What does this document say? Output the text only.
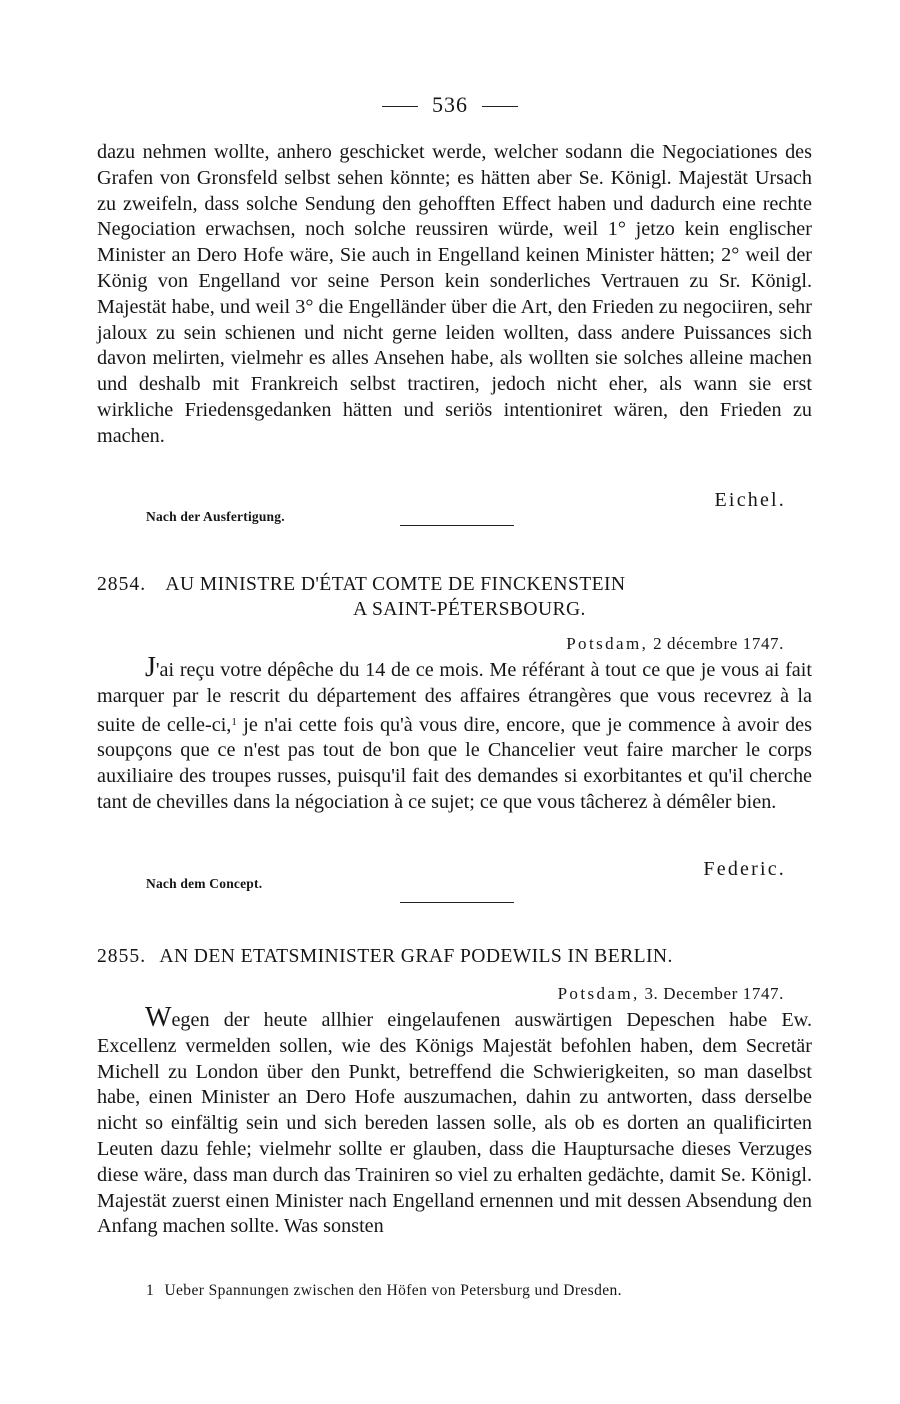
536

dazu nehmen wollte, anhero geschicket werde, welcher sodann die Negociationes des Grafen von Gronsfeld selbst sehen könnte; es hätten aber Se. Königl. Majestät Ursach zu zweifeln, dass solche Sendung den gehofften Effect haben und dadurch eine rechte Negociation erwachsen, noch solche reussiren würde, weil 1° jetzo kein englischer Minister an Dero Hofe wäre, Sie auch in Engelland keinen Minister hätten; 2° weil der König von Engelland vor seine Person kein sonderliches Vertrauen zu Sr. Königl. Majestät habe, und weil 3° die Engelländer über die Art, den Frieden zu negociiren, sehr jaloux zu sein schienen und nicht gerne leiden wollten, dass andere Puissances sich davon melirten, vielmehr es alles Ansehen habe, als wollten sie solches alleine machen und deshalb mit Frankreich selbst tractiren, jedoch nicht eher, als wann sie erst wirkliche Friedensgedanken hätten und seriös intentioniret wären, den Frieden zu machen.

Eichel.
Nach der Ausfertigung.
2854. AU MINISTRE D'ÉTAT COMTE DE FINCKENSTEIN
A SAINT-PÉTERSBOURG.
Potsdam, 2 décembre 1747.

J'ai reçu votre dépêche du 14 de ce mois. Me référant à tout ce que je vous ai fait marquer par le rescrit du département des affaires étrangères que vous recevrez à la suite de celle-ci,$^1$ je n'ai cette fois qu'à vous dire, encore, que je commence à avoir des soupçons que ce n'est pas tout de bon que le Chancelier veut faire marcher le corps auxiliaire des troupes russes, puisqu'il fait des demandes si exorbitantes et qu'il cherche tant de chevilles dans la négociation à ce sujet; ce que vous tâcherez à démêler bien.

Federic.
Nach dem Concept.
2855. AN DEN ETATSMINISTER GRAF PODEWILS IN BERLIN.
Potsdam, 3. December 1747.

Wegen der heute allhier eingelaufenen auswärtigen Depeschen habe Ew. Excellenz vermelden sollen, wie des Königs Majestät befohlen haben, dem Secretär Michell zu London über den Punkt, betreffend die Schwierigkeiten, so man daselbst habe, einen Minister an Dero Hofe auszumachen, dahin zu antworten, dass derselbe nicht so einfältig sein und sich bereden lassen solle, als ob es dorten an qualificirten Leuten dazu fehle; vielmehr sollte er glauben, dass die Hauptursache dieses Verzuges diese wäre, dass man durch das Trainiren so viel zu erhalten gedächte, damit Se. Königl. Majestät zuerst einen Minister nach Engelland ernennen und mit dessen Absendung den Anfang machen sollte. Was sonsten

1 Ueber Spannungen zwischen den Höfen von Petersburg und Dresden.
